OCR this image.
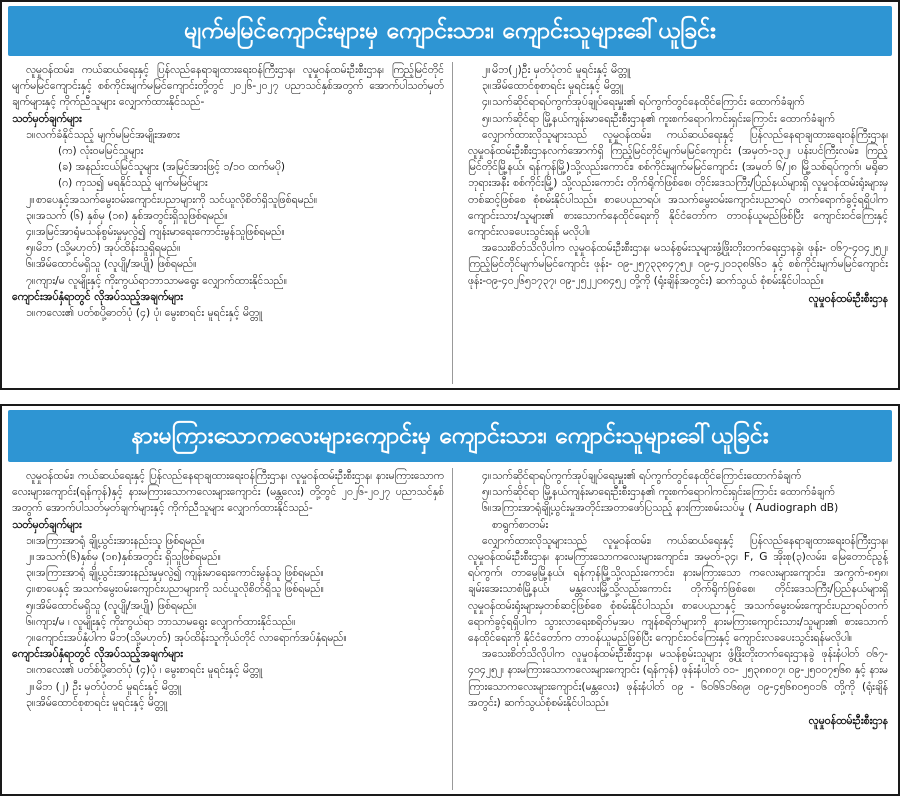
မျက်မမြင်ကျောင်းများမှ ကျောင်းသား၊ ကျောင်းသူများခေါ်ယူခြင်း

လူမှုဝန်ထမ်း၊ ကယ်ဆယ်ရေးနှင့် ပြန်လည်နေရာချထားရေးဝန်ကြီးဌာန၊ လူမှုဝန်ထမ်းဦးစီးဌာန၊ ကြည့်မြင်တိုင်မျက်မမြင်ကျောင်းနှင့် စစ်ကိုင်းမျက်မမြင်ကျောင်းတို့တွင် ၂၀၂၆-၂၀၂၇ ပညာသင်နှစ်အတွက် အောက်ပါသတ်မှတ်ချက်များနှင့် ကိုက်ညီသူများ လျှောက်ထားနိုင်သည်-

သတ်မှတ်ချက်များ

၁။ လက်ခံနိုင်သည့် မျက်မမြင်အမျိုးအစား

(က) လုံးဝမမြင်သူများ

(ခ) အနည်းငယ်မြင်သူများ (အမြင်အားဖြင့် ၁/၁၀ ထက်မပို)

(ဂ) ကုသ၍ မရနိုင်သည့် မျက်မမြင်များ

၂။ စာပေနှင့်အသက်မွေးဝမ်းကျောင်းပညာများကို သင်ယူလိုစိတ်ရှိသူဖြစ်ရမည်။
၃။ အသက် (၆) နှစ်မှ (၁၈) နှစ်အတွင်းရှိသူဖြစ်ရမည်။
၄။ အမြင်အာရုံမသန်စွမ်းမှုမှလွဲ၍ ကျန်းမာရေးကောင်းမွန်သူဖြစ်ရမည်။
၅။ မိဘ (သို့မဟုတ်) အုပ်ထိန်းသူရှိရမည်။
၆။ အိမ်ထောင်မရှိသူ (လူပျို/အပျို) ဖြစ်ရမည်။
၇။ ကျား/မ လူမျိုးနှင့် ကိုးကွယ်ရာဘာသာမရွေး လျှောက်ထားနိုင်သည်။

ကျောင်းအပ်နှံရာတွင် လိုအပ်သည့်အချက်များ

၁။ ကလေး၏ ပတ်စပို့ဓာတ်ပုံ (၄) ပုံ၊ မွေးစာရင်း မူရင်းနှင့် မိတ္တူ
၂။ မိဘ(၂)ဦး မှတ်ပုံတင် မူရင်းနှင့် မိတ္တူ
၃။ အိမ်ထောင်စုစာရင်း မူရင်းနှင့် မိတ္တူ
၄။ သက်ဆိုင်ရာရပ်ကွက်အုပ်ချုပ်ရေးမှူး၏ ရပ်ကွက်တွင်နေထိုင်ကြောင်း ထောက်ခံချက်
၅။ သက်ဆိုင်ရာ မြို့နယ်ကျန်းမာရေးဦးစီးဌာန၏ ကူးစက်ရောဂါကင်းရှင်းကြောင်း ထောက်ခံချက်

လျှောက်ထားလိုသူများသည် လူမှုဝန်ထမ်း၊ ကယ်ဆယ်ရေးနှင့် ပြန်လည်နေရာချထားရေးဝန်ကြီးဌာန၊ လူမှုဝန်ထမ်းဦးစီးဌာနလက်အောက်ရှိ ကြည့်မြင်တိုင်မျက်မမြင်ကျောင်း (အမှတ်-၁၃၂၊ ပန်းပင်ကြီးလမ်း၊ ကြည့်မြင်တိုင်မြို့နယ်၊ ရန်ကုန်မြို့)သို့လည်းကောင်း၊ စစ်ကိုင်းမျက်မမြင်ကျောင်း (အမှတ် ၆/၂၈ မြို့သစ်ရပ်ကွက်၊ မရိုဓာဘုရားအနီး စစ်ကိုင်းမြို့) သို့လည်းကောင်း တိုက်ရိုက်ဖြစ်စေ၊ တိုင်းဒေသကြီး/ပြည်နယ်များရှိ လူမှုဝန်ထမ်းရုံးများမှ တစ်ဆင့်ဖြစ်စေ စုံစမ်းနိုင်ပါသည်။ စာပေပညာရပ်၊ အသက်မွေးဝမ်းကျောင်းပညာရပ် တက်ရောက်ခွင့်ရရှိပါက ကျောင်းသား/သူများ၏ စားသောက်နေထိုင်ရေးကို နိုင်ငံတော်က တာဝန်ယူမည်ဖြစ်ပြီး ကျောင်းဝင်ကြေးနှင့် ကျောင်းလခပေးသွင်းရန် မလိုပါ။

အသေးစိတ်သိလိုပါက လူမှုဝန်ထမ်းဦးစီးဌာန၊ မသန်စွမ်းသူများဖွံ့ဖြိုးတိုးတက်ရေးဌာနခွဲ၊ ဖုန်း- ၀၆၇-၄၀၄၂၅၂၊ ကြည့်မြင်တိုင်မျက်မမြင်ကျောင်း ဖုန်း- ၀၉-၂၅၇၃၃၈၄၇၅၂၊ ၀၉-၄၂၀၁၃၈၆၆၁ နှင့် စစ်ကိုင်းမျက်မမြင်ကျောင်း ဖုန်း-၀၉-၄၀၂၆၅၁၇၃၇၊ ၀၉-၂၅၂၂၀၈၄၅၂ တို့ကို (ရုံးချိန်အတွင်း) ဆက်သွယ် စုံစမ်းနိုင်ပါသည်။

လူမှုဝန်ထမ်းဦးစီးဌာန

နားမကြားသောကလေးများကျောင်းမှ ကျောင်းသား၊ ကျောင်းသူများခေါ်ယူခြင်း

လူမှုဝန်ထမ်း၊ ကယ်ဆယ်ရေးနှင့် ပြန်လည်နေရာချထားရေးဝန်ကြီးဌာန၊ လူမှုဝန်ထမ်းဦးစီးဌာန၊ နားမကြားသောကလေးများကျောင်း(ရန်ကုန်)နှင့် နားမကြားသောကလေးများကျောင်း (မန္တလေး) တို့တွင် ၂၀၂၆-၂၀၂၇ ပညာသင်နှစ်အတွက် အောက်ပါသတ်မှတ်ချက်များနှင့် ကိုက်ညီသူများ လျှောက်ထားနိုင်သည်-

သတ်မှတ်ချက်များ

၁။ အကြားအာရုံ ချို့ယွင်းအားနည်းသူ ဖြစ်ရမည်။
၂။ အသက်(၆)နှစ်မှ (၁၈)နှစ်အတွင်း ရှိသူဖြစ်ရမည်။
၃။ အကြားအာရုံ ချို့ယွင်းအားနည်းမှုမှလွဲ၍ ကျန်းမာရေးကောင်းမွန်သူ ဖြစ်ရမည်။
၄။ စာပေနှင့် အသက်မွေးဝမ်းကျောင်းပညာများကို သင်ယူလိုစိတ်ရှိသူ ဖြစ်ရမည်။
၅။ အိမ်ထောင်မရှိသူ (လူပျို/အပျို) ဖြစ်ရမည်။
၆။ ကျား/မ ၊ လူမျိုးနှင့် ကိုးကွယ်ရာ ဘာသာမရွေး လျှောက်ထားနိုင်သည်။
၇။ ကျောင်းအပ်နှံပါက မိဘ(သို့မဟုတ်) အုပ်ထိန်းသူကိုယ်တိုင် လာရောက်အပ်နှံရမည်။

ကျောင်းအပ်နှံရာတွင် လိုအပ်သည့်အချက်များ

၁။ ကလေး၏ ပတ်စ်ပို့ဓာတ်ပုံ (၄)ပုံ ၊ မွေးစာရင်း မူရင်းနှင့် မိတ္တူ
၂။ မိဘ (၂) ဦး မှတ်ပုံတင် မူရင်းနှင့် မိတ္တူ
၃။ အိမ်ထောင်စုစာရင်း မူရင်းနှင့် မိတ္တူ
၄။ သက်ဆိုင်ရာရပ်ကွက်အုပ်ချုပ်ရေးမှူး၏ ရပ်ကွက်တွင်နေထိုင်ကြောင်းထောက်ခံချက်
၅။ သက်ဆိုင်ရာ မြို့နယ်ကျန်းမာရေးဦးစီးဌာန၏ ကူးစက်ရောဂါကင်းရှင်းကြောင်း ထောက်ခံချက်
၆။ အကြားအာရုံချို့ယွင်းမှုအတိုင်းအတာဖော်ပြသည့် နားကြားစမ်းသပ်မှု ( Audiograph dB) စာရွက်စာတမ်း

လျှောက်ထားလိုသူများသည် လူမှုဝန်ထမ်း၊ ကယ်ဆယ်ရေးနှင့် ပြန်လည်နေရာချထားရေးဝန်ကြီးဌာန၊ လူမှုဝန်ထမ်းဦးစီးဌာန၊ နားမကြားသောကလေးများကျောင်း၊ အမှတ်-၃၄၊ F, G အိုးစု(၃)လမ်း၊ မြေတောင်ညွန့်ရပ်ကွက်၊ တာမွေမြို့နယ်၊ ရန်ကုန်မြို့သို့လည်းကောင်း၊ နားမကြားသော ကလေးများကျောင်း၊ အကွက်-၈၅၈၊ ချမ်းအေးသာစံမြို့နယ်၊ မန္တလေးမြို့သို့လည်းကောင်း တိုက်ရိုက်ဖြစ်စေ၊ တိုင်းဒေသကြီး/ပြည်နယ်များရှိ လူမှုဝန်ထမ်းရုံးများမှတစ်ဆင့်ဖြစ်စေ စုံစမ်းနိုင်ပါသည်။ စာပေပညာနှင့် အသက်မွေးဝမ်းကျောင်းပညာရပ်တက်ရောက်ခွင့်ရရှိပါက သွားလာရေးစရိတ်မှအပ ကျန်စရိတ်များကို နားမကြားကျောင်းသား/သူများ၏ စားသောက်နေထိုင်ရေးကို နိုင်ငံတော်က တာဝန်ယူမည်ဖြစ်ပြီး ကျောင်းဝင်ကြေးနှင့် ကျောင်းလခပေးသွင်းရန်မလိုပါ။

အသေးစိတ်သိလိုပါက လူမှုဝန်ထမ်းဦးစီးဌာန၊ မသန်စွမ်းသူများ ဖွံ့ဖြိုးတိုးတက်ရေးဌာနခွဲ ဖုန်းနံပါတ် ၀၆၇- ၄၀၄၂၅၂၊ နားမကြားသောကလေးများကျောင်း (ရန်ကုန်) ဖုန်းနံပါတ် ၀၁- ၂၅၃၈၈၀၇၊ ၀၉-၂၅၀၀၇၅၆၈ နှင့် နားမကြားသောကလေးများကျောင်း(မန္တလေး) ဖုန်းနံပါတ် ၀၉ - ၆၀၆၆၁၆၈၉၊ ၀၉-၄၅၆၈၀၅၀၁၆ တို့ကို (ရုံးချိန်အတွင်း) ဆက်သွယ်စုံစမ်းနိုင်ပါသည်။

လူမှုဝန်ထမ်းဦးစီးဌာန
